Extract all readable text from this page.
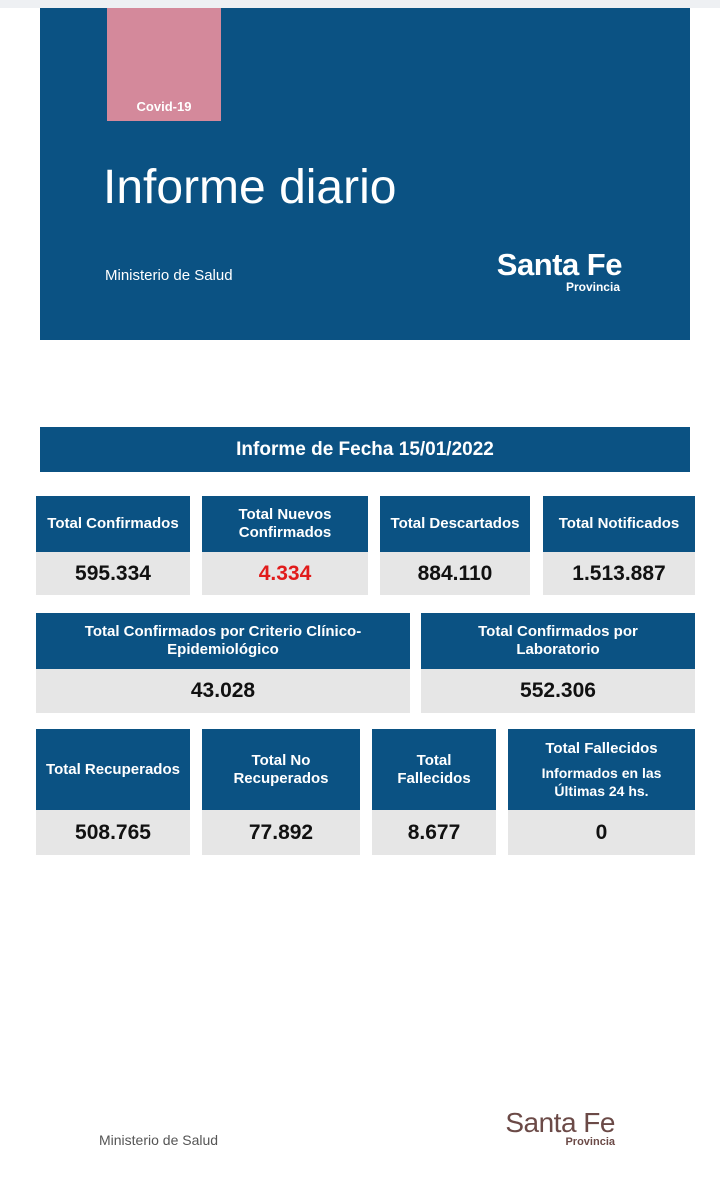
Covid-19
Informe diario
Ministerio de Salud	Santa Fe
Provincia
Informe de Fecha 15/01/2022
Total Confirmados
595.334
Total Nuevos Confirmados
4.334
Total Descartados
884.110
Total Notificados
1.513.887
Total Confirmados por Criterio Clínico-Epidemiológico
43.028
Total Confirmados por Laboratorio
552.306
Total Recuperados
508.765
Total No Recuperados
77.892
Total Fallecidos
8.677
Total Fallecidos
Informados en las Últimas 24 hs.
0
Ministerio de Salud
Santa Fe
Provincia
